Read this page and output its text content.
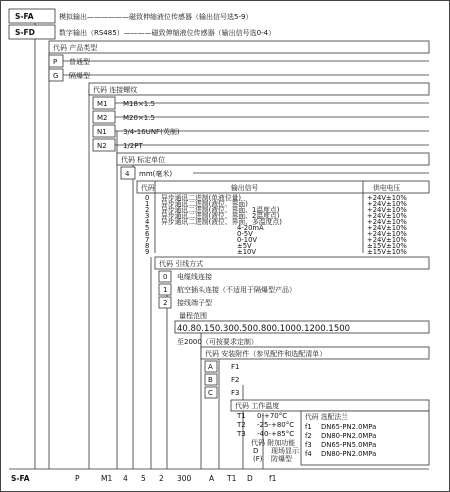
S-FA	模拟输出——————磁致伸缩液位传感器（输出信号选5-9）
S-FD	数字输出（RS485）————磁致伸缩液位传感器（输出信号选0-4）
代码 产品类型
P 普通型
G 隔爆型
代码 连接螺纹
M1 M18×1.5
M2 M20×1.5
N1 3/4-16UNF(英制)
N2 1/2PT
代码 标定单位
4 mm(毫米)
代码	输出信号	供电电压
0 异步通讯二进制(单液位量)	+24V±10%
1 异步通讯二进制(液位、界面)	+24V±10%
2 异步通讯二进制(液位、界面、1温度点)	+24V±10%
3 异步通讯二进制(液位、界面、2温度点)	+24V±10%
4 异步通讯二进制(液位、界面、多温度点)	+24V±10%
5	4-20mA	+24V±10%
6	0-5V	+24V±10%
7	0-10V	+24V±10%
8	±5V	±15V±10%
9	±10V	±15V±10%
代码 引线方式
0 电缆线连接
1 航空插头连接（不适用于隔爆型产品）
2 接线端子型
量程范围
40.80.150.300.500.800.1000.1200.1500
至2000（可按要求定制）
代码 安装附件（参见配件和选配清单）
A	F1
B	F2
C	F3
代码 工作温度
T1 0-+70°C
T2 -25-+80°C
T3 -40-+85°C
代码 附加功能
D 现场显示
(F) 防爆型
代码 选配法兰
f1 DN65-PN2.0MPa
f2 DN80-PN2.0MPa
f3 DN65-PN5.0MPa
f4 DN80-PN2.0MPa
S-FA	P	M1 4 5 2 300 A T1 D f1
